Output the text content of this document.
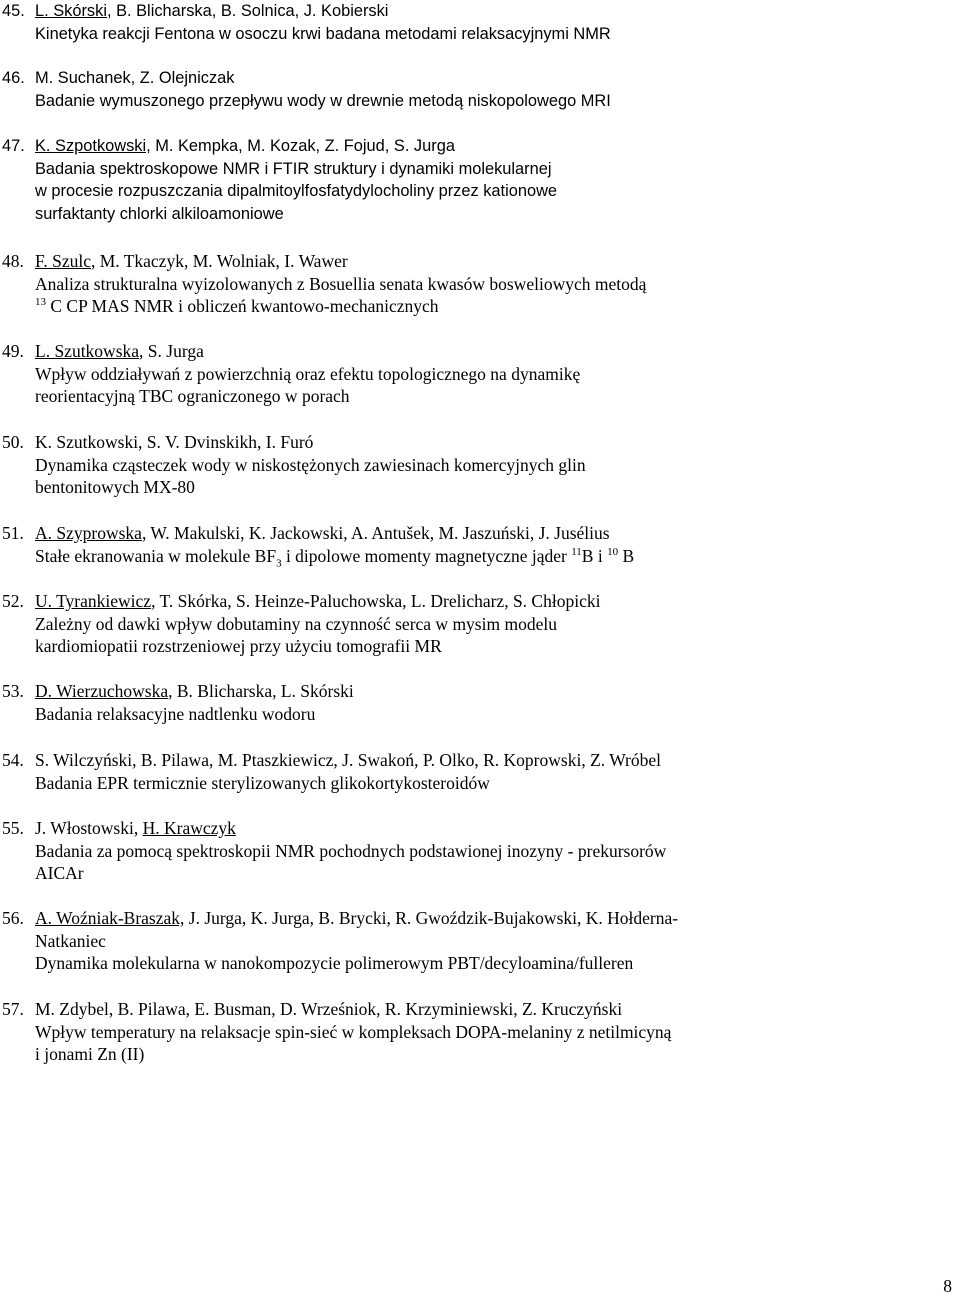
45. L. Skórski, B. Blicharska, B. Solnica, J. Kobierski
Kinetyka reakcji Fentona w osoczu krwi badana metodami relaksacyjnymi NMR
46. M. Suchanek, Z. Olejniczak
Badanie wymuszonego przepływu wody w drewnie metodą niskopolowego MRI
47. K. Szpotkowski, M. Kempka, M. Kozak, Z. Fojud, S. Jurga
Badania spektroskopowe NMR i FTIR struktury i dynamiki molekularnej
w procesie rozpuszczania dipalmitoylfosfatydylocholiny przez kationowe
surfaktanty chlorki alkiloamoniowe
48. F. Szulc, M. Tkaczyk, M. Wolniak, I. Wawer
Analiza strukturalna wyizolowanych z Bosuellia senata kwasów bosweliowych metodą
$^{13}$ C CP MAS NMR i obliczeń kwantowo-mechanicznych
49. L. Szutkowska, S. Jurga
Wpływ oddziaływań z powierzchnią oraz efektu topologicznego na dynamikę
reorientacyjną TBC ograniczonego w porach
50. K. Szutkowski, S. V. Dvinskikh, I. Furó
Dynamika cząsteczek wody w niskostężonych zawiesinach komercyjnych glin
bentonitowych MX-80
51. A. Szyprowska, W. Makulski, K. Jackowski, A. Antušek, M. Jaszuński, J. Jusélius
Stałe ekranowania w molekule $BF_3$ i dipolowe momenty magnetyczne jąder $^{11}$B i $^{10}$ B
52. U. Tyrankiewicz, T. Skórka, S. Heinze-Paluchowska, L. Drelicharz, S. Chłopicki
Zależny od dawki wpływ dobutaminy na czynność serca w mysim modelu
kardiomiopatii rozstrzeniowej przy użyciu tomografii MR
53. D. Wierzuchowska, B. Blicharska, L. Skórski
Badania relaksacyjne nadtlenku wodoru
54. S. Wilczyński, B. Pilawa, M. Ptaszkiewicz, J. Swakoń, P. Olko, R. Koprowski, Z. Wróbel
Badania EPR termicznie sterylizowanych glikokortykosteroidów
55. J. Włostowski, H. Krawczyk
Badania za pomocą spektroskopii NMR pochodnych podstawionej inozyny - prekursorów
AICAr
56. A. Woźniak-Braszak, J. Jurga, K. Jurga, B. Brycki, R. Gwoździk-Bujakowski, K. Hołderna-
Natkaniec
Dynamika molekularna w nanokompozycie polimerowym PBT/decyloamina/fulleren
57. M. Zdybel, B. Pilawa, E. Busman, D. Wrześniok, R. Krzyminiewski, Z. Kruczyński
Wpływ temperatury na relaksacje spin-sieć w kompleksach DOPA-melaniny z netilmicyną
i jonami Zn (II)
8
